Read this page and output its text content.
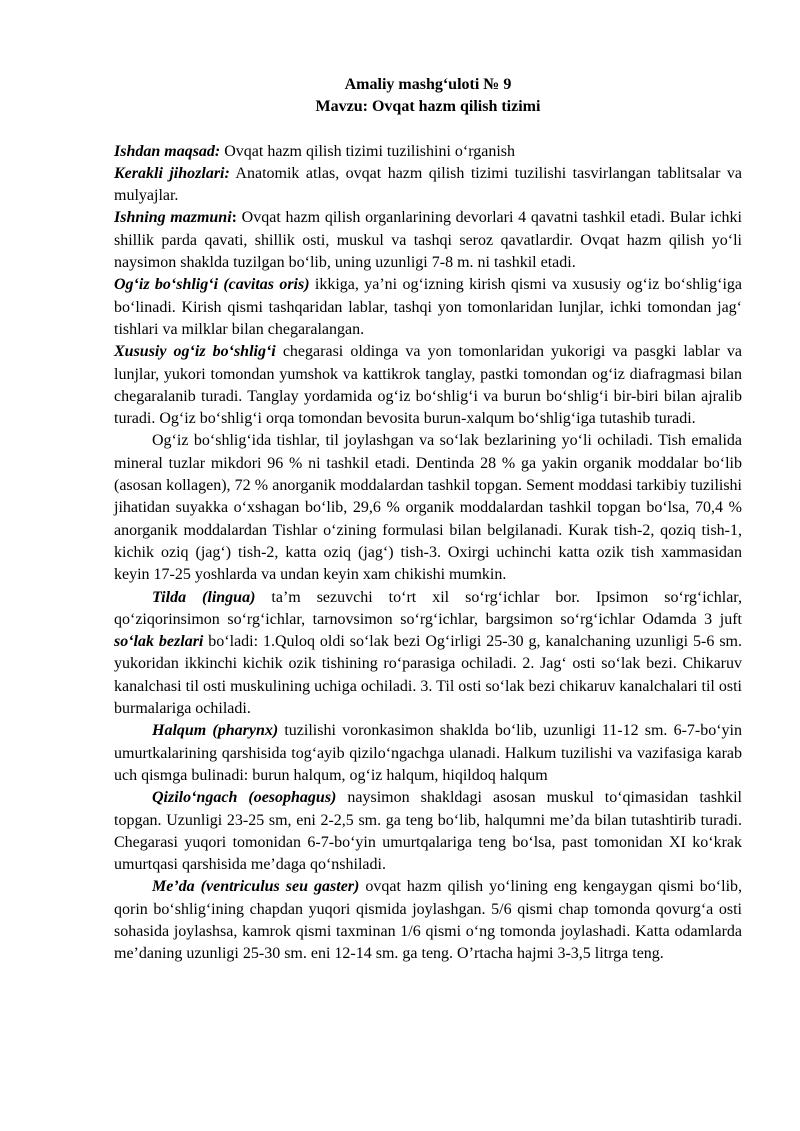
Amaliy mashg‘uloti № 9

Mavzu: Ovqat hazm qilish tizimi

Ishdan maqsad: Ovqat hazm qilish tizimi tuzilishini o‘rganish

Kerakli jihozlari: Anatomik atlas, ovqat hazm qilish tizimi tuzilishi tasvirlangan tablitsalar va mulyajlar.

Ishning mazmuni: Ovqat hazm qilish organlarining devorlari 4 qavatni tashkil etadi. Bular ichki shillik parda qavati, shillik osti, muskul va tashqi seroz qavatlardir. Ovqat hazm qilish yo‘li naysimon shaklda tuzilgan bo‘lib, uning uzunligi 7-8 m. ni tashkil etadi.

Og‘iz bo‘shlig‘i (cavitas oris) ikkiga, ya’ni og‘izning kirish qismi va xususiy og‘iz bo‘shlig‘iga bo‘linadi. Kirish qismi tashqaridan lablar, tashqi yon tomonlaridan lunjlar, ichki tomondan jag‘ tishlari va milklar bilan chegaralangan.

Xususiy og‘iz bo‘shlig‘i chegarasi oldinga va yon tomonlaridan yukorigi va pasgki lablar va lunjlar, yukori tomondan yumshok va kattikrok tanglay, pastki tomondan og‘iz diafragmasi bilan chegaralanib turadi. Tanglay yordamida og‘iz bo‘shlig‘i va burun bo‘shlig‘i bir-biri bilan ajralib turadi. Og‘iz bo‘shlig‘i orqa tomondan bevosita burun-xalqum bo‘shlig‘iga tutashib turadi.

Og‘iz bo‘shlig‘ida tishlar, til joylashgan va so‘lak bezlarining yo‘li ochiladi. Tish emalida mineral tuzlar mikdori 96 % ni tashkil etadi. Dentinda 28 % ga yakin organik moddalar bo‘lib (asosan kollagen), 72 % anorganik moddalardan tashkil topgan. Sement moddasi tarkibiy tuzilishi jihatidan suyakka o‘xshagan bo‘lib, 29,6 % organik moddalardan tashkil topgan bo‘lsa, 70,4 % anorganik moddalardan Tishlar o‘zining formulasi bilan belgilanadi. Kurak tish-2, qoziq tish-1, kichik oziq (jag‘) tish-2, katta oziq (jag‘) tish-3. Oxirgi uchinchi katta ozik tish xammasidan keyin 17-25 yoshlarda va undan keyin xam chikishi mumkin.

Tilda (lingua) ta’m sezuvchi to‘rt xil so‘rg‘ichlar bor. Ipsimon so‘rg‘ichlar, qo‘ziqorinsimon so‘rg‘ichlar, tarnovsimon so‘rg‘ichlar, bargsimon so‘rg‘ichlar Odamda 3 juft so‘lak bezlari bo‘ladi: 1.Quloq oldi so‘lak bezi Og‘irligi 25-30 g, kanalchaning uzunligi 5-6 sm. yukoridan ikkinchi kichik ozik tishining ro‘parasiga ochiladi. 2. Jag‘ osti so‘lak bezi. Chikaruv kanalchasi til osti muskulining uchiga ochiladi. 3. Til osti so‘lak bezi chikaruv kanalchalari til osti burmalariga ochiladi.

Halqum (pharynx) tuzilishi voronkasimon shaklda bo‘lib, uzunligi 11-12 sm. 6-7-bo‘yin umurtkalarining qarshisida tog‘ayib qizilo‘ngachga ulanadi. Halkum tuzilishi va vazifasiga karab uch qismga bulinadi: burun halqum, og‘iz halqum, hiqildoq halqum

Qizilo‘ngach (oesophagus) naysimon shakldagi asosan muskul to‘qimasidan tashkil topgan. Uzunligi 23-25 sm, eni 2-2,5 sm. ga teng bo‘lib, halqumni me’da bilan tutashtirib turadi. Chegarasi yuqori tomonidan 6-7-bo‘yin umurtqalariga teng bo‘lsa, past tomonidan XI ko‘krak umurtqasi qarshisida me’daga qo‘nshiladi.

Me’da (ventriculus seu gaster) ovqat hazm qilish yo‘lining eng kengaygan qismi bo‘lib, qorin bo‘shlig‘ining chapdan yuqori qismida joylashgan. 5/6 qismi chap tomonda qovurg‘a osti sohasida joylashsa, kamrok qismi taxminan 1/6 qismi o‘ng tomonda joylashadi. Katta odamlarda me’daning uzunligi 25-30 sm. eni 12-14 sm. ga teng. O’rtacha hajmi 3-3,5 litrga teng.
